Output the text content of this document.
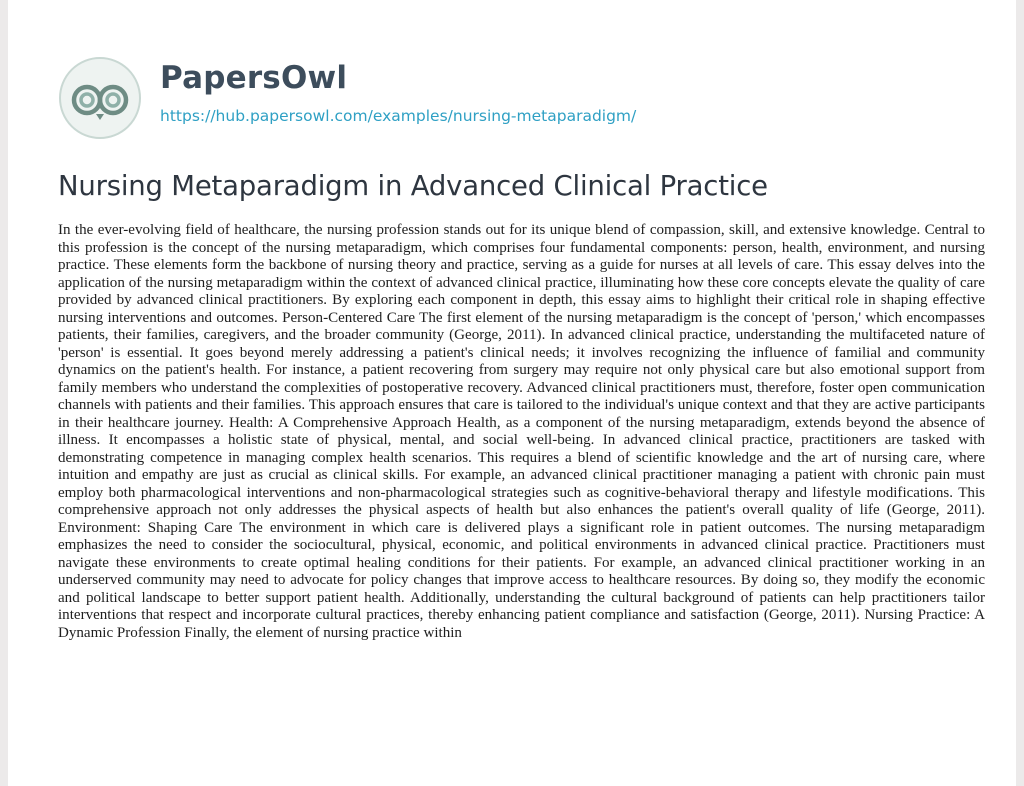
PapersOwl
https://hub.papersowl.com/examples/nursing-metaparadigm/
Nursing Metaparadigm in Advanced Clinical Practice

In the ever-evolving field of healthcare, the nursing profession stands out for its unique blend of compassion, skill, and extensive knowledge. Central to this profession is the concept of the nursing metaparadigm, which comprises four fundamental components: person, health, environment, and nursing practice. These elements form the backbone of nursing theory and practice, serving as a guide for nurses at all levels of care. This essay delves into the application of the nursing metaparadigm within the context of advanced clinical practice, illuminating how these core concepts elevate the quality of care provided by advanced clinical practitioners. By exploring each component in depth, this essay aims to highlight their critical role in shaping effective nursing interventions and outcomes. Person-Centered Care The first element of the nursing metaparadigm is the concept of 'person,' which encompasses patients, their families, caregivers, and the broader community (George, 2011). In advanced clinical practice, understanding the multifaceted nature of 'person' is essential. It goes beyond merely addressing a patient's clinical needs; it involves recognizing the influence of familial and community dynamics on the patient's health. For instance, a patient recovering from surgery may require not only physical care but also emotional support from family members who understand the complexities of postoperative recovery. Advanced clinical practitioners must, therefore, foster open communication channels with patients and their families. This approach ensures that care is tailored to the individual's unique context and that they are active participants in their healthcare journey. Health: A Comprehensive Approach Health, as a component of the nursing metaparadigm, extends beyond the absence of illness. It encompasses a holistic state of physical, mental, and social well-being. In advanced clinical practice, practitioners are tasked with demonstrating competence in managing complex health scenarios. This requires a blend of scientific knowledge and the art of nursing care, where intuition and empathy are just as crucial as clinical skills. For example, an advanced clinical practitioner managing a patient with chronic pain must employ both pharmacological interventions and non-pharmacological strategies such as cognitive-behavioral therapy and lifestyle modifications. This comprehensive approach not only addresses the physical aspects of health but also enhances the patient's overall quality of life (George, 2011). Environment: Shaping Care The environment in which care is delivered plays a significant role in patient outcomes. The nursing metaparadigm emphasizes the need to consider the sociocultural, physical, economic, and political environments in advanced clinical practice. Practitioners must navigate these environments to create optimal healing conditions for their patients. For example, an advanced clinical practitioner working in an underserved community may need to advocate for policy changes that improve access to healthcare resources. By doing so, they modify the economic and political landscape to better support patient health. Additionally, understanding the cultural background of patients can help practitioners tailor interventions that respect and incorporate cultural practices, thereby enhancing patient compliance and satisfaction (George, 2011). Nursing Practice: A Dynamic Profession Finally, the element of nursing practice within
